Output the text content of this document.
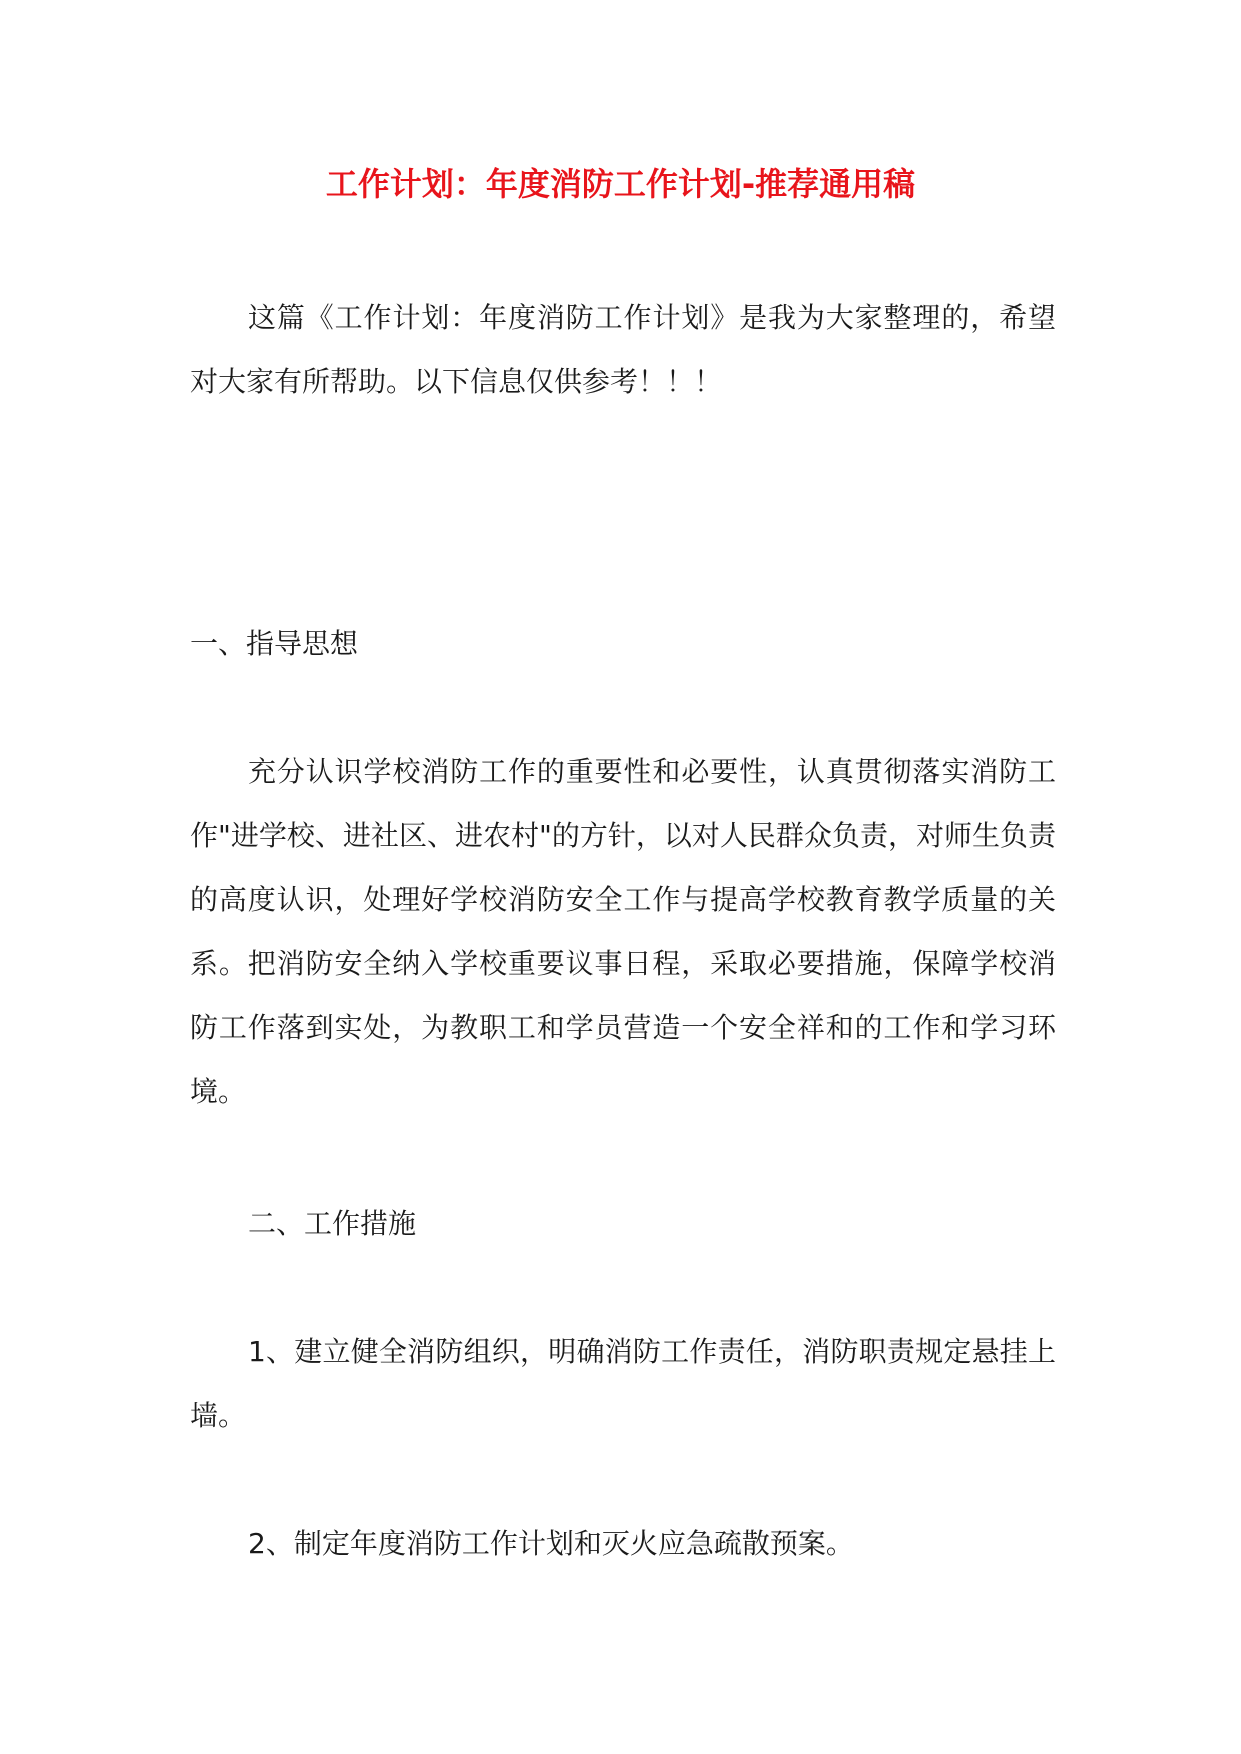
工作计划：年度消防工作计划-推荐通用稿

这篇《工作计划：年度消防工作计划》是我为大家整理的，希望对大家有所帮助。以下信息仅供参考！！！

一、指导思想

充分认识学校消防工作的重要性和必要性，认真贯彻落实消防工作"进学校、进社区、进农村"的方针，以对人民群众负责，对师生负责的高度认识，处理好学校消防安全工作与提高学校教育教学质量的关系。把消防安全纳入学校重要议事日程，采取必要措施，保障学校消防工作落到实处，为教职工和学员营造一个安全祥和的工作和学习环境。

二、工作措施

1、建立健全消防组织，明确消防工作责任，消防职责规定悬挂上墙。

2、制定年度消防工作计划和灭火应急疏散预案。
